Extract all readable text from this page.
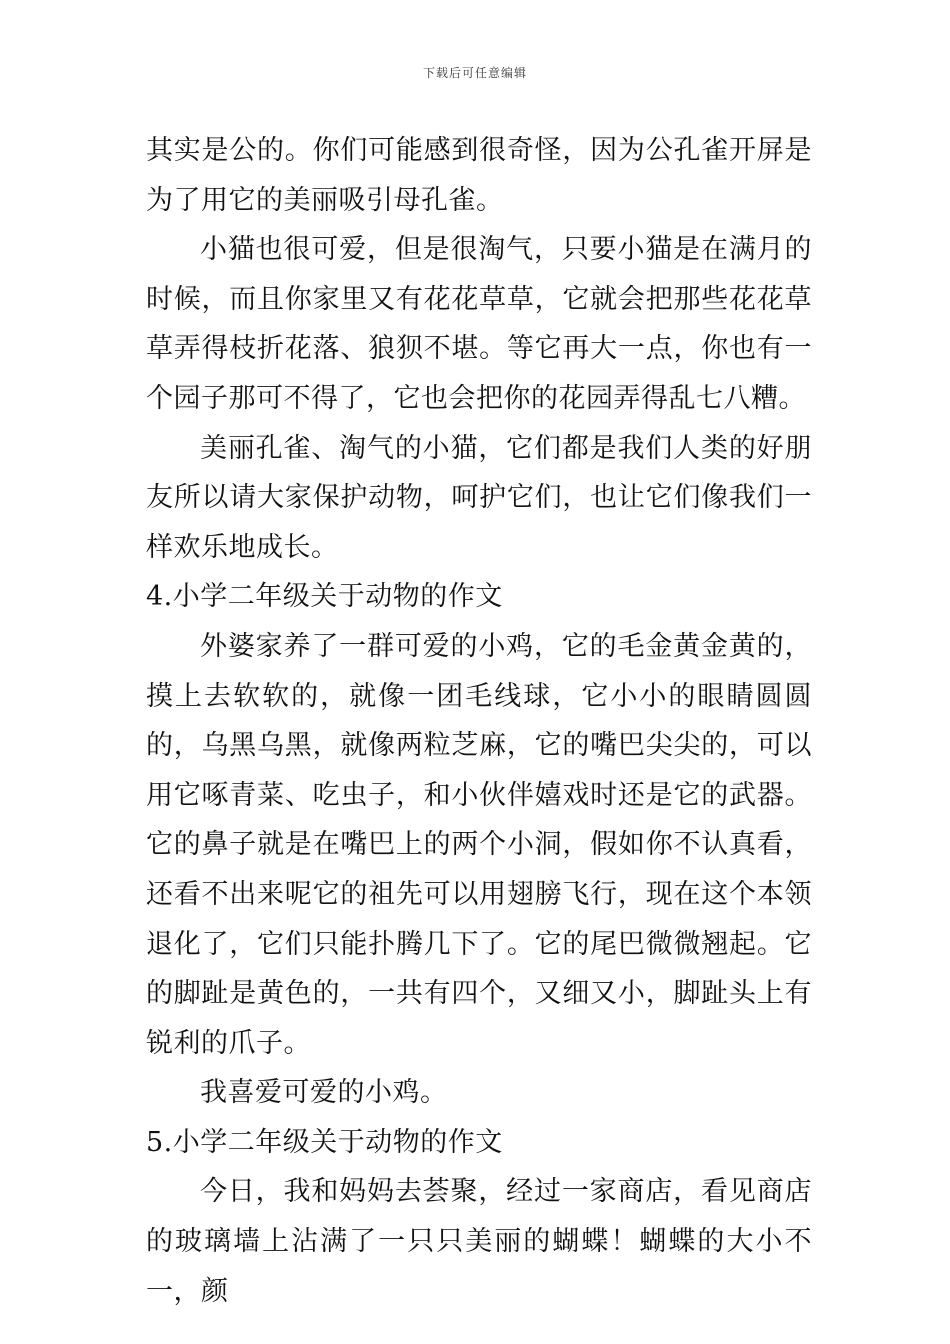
下载后可任意编辑

其实是公的。你们可能感到很奇怪，因为公孔雀开屏是为了用它的美丽吸引母孔雀。

小猫也很可爱，但是很淘气，只要小猫是在满月的时候，而且你家里又有花花草草，它就会把那些花花草草弄得枝折花落、狼狈不堪。等它再大一点，你也有一个园子那可不得了，它也会把你的花园弄得乱七八糟。

美丽孔雀、淘气的小猫，它们都是我们人类的好朋友所以请大家保护动物，呵护它们，也让它们像我们一样欢乐地成长。

4.小学二年级关于动物的作文

外婆家养了一群可爱的小鸡，它的毛金黄金黄的，摸上去软软的，就像一团毛线球，它小小的眼睛圆圆的，乌黑乌黑，就像两粒芝麻，它的嘴巴尖尖的，可以用它啄青菜、吃虫子，和小伙伴嬉戏时还是它的武器。它的鼻子就是在嘴巴上的两个小洞，假如你不认真看，还看不出来呢它的祖先可以用翅膀飞行，现在这个本领退化了，它们只能扑腾几下了。它的尾巴微微翘起。它的脚趾是黄色的，一共有四个，又细又小，脚趾头上有锐利的爪子。

我喜爱可爱的小鸡。

5.小学二年级关于动物的作文

今日，我和妈妈去荟聚，经过一家商店，看见商店的玻璃墙上沾满了一只只美丽的蝴蝶！蝴蝶的大小不一，颜
